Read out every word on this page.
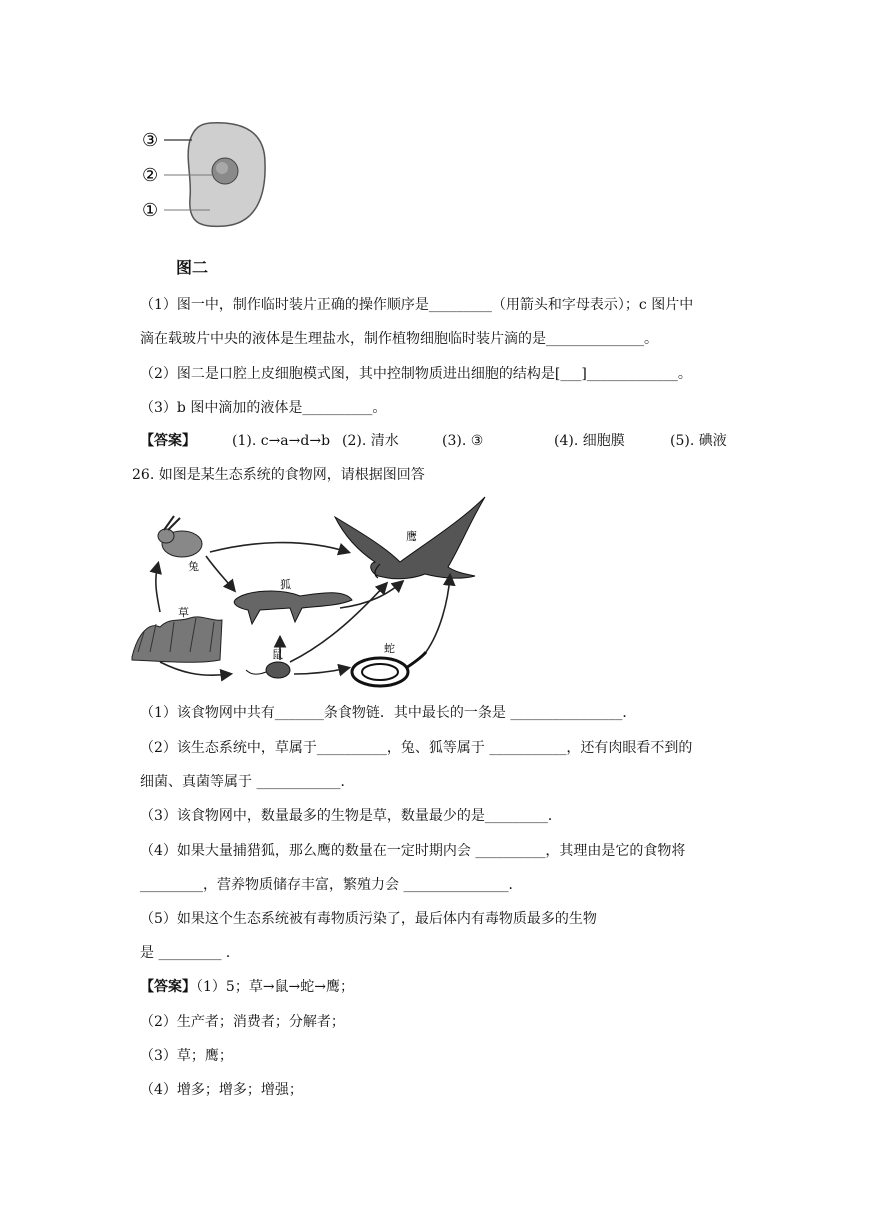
③
②
①
图二
（1）图一中，制作临时装片正确的操作顺序是_________（用箭头和字母表示）；c 图片中
滴在载玻片中央的液体是生理盐水，制作植物细胞临时装片滴的是______________。
（2）图二是口腔上皮细胞模式图，其中控制物质进出细胞的结构是[___]_____________。
（3）b 图中滴加的液体是__________。
【答案】	(1). c→a→d→b (2). 清水	(3). ③	(4). 细胞膜	(5). 碘液
26. 如图是某生态系统的食物网，请根据图回答
鹰
兔
狐
草
鼠	蛇
（1）该食物网中共有_______条食物链．其中最长的一条是 ________________．
（2）该生态系统中，草属于__________，兔、狐等属于 ___________，还有肉眼看不到的
细菌、真菌等属于 ____________．
（3）该食物网中，数量最多的生物是草，数量最少的是_________．
（4）如果大量捕猎狐，那么鹰的数量在一定时期内会 __________，其理由是它的食物将
_________，营养物质储存丰富，繁殖力会 _______________．
（5）如果这个生态系统被有毒物质污染了，最后体内有毒物质最多的生物
是 _________ ．
【答案】（1）5；草→鼠→蛇→鹰；
（2）生产者；消费者；分解者；
（3）草；鹰；
（4）增多；增多；增强；
